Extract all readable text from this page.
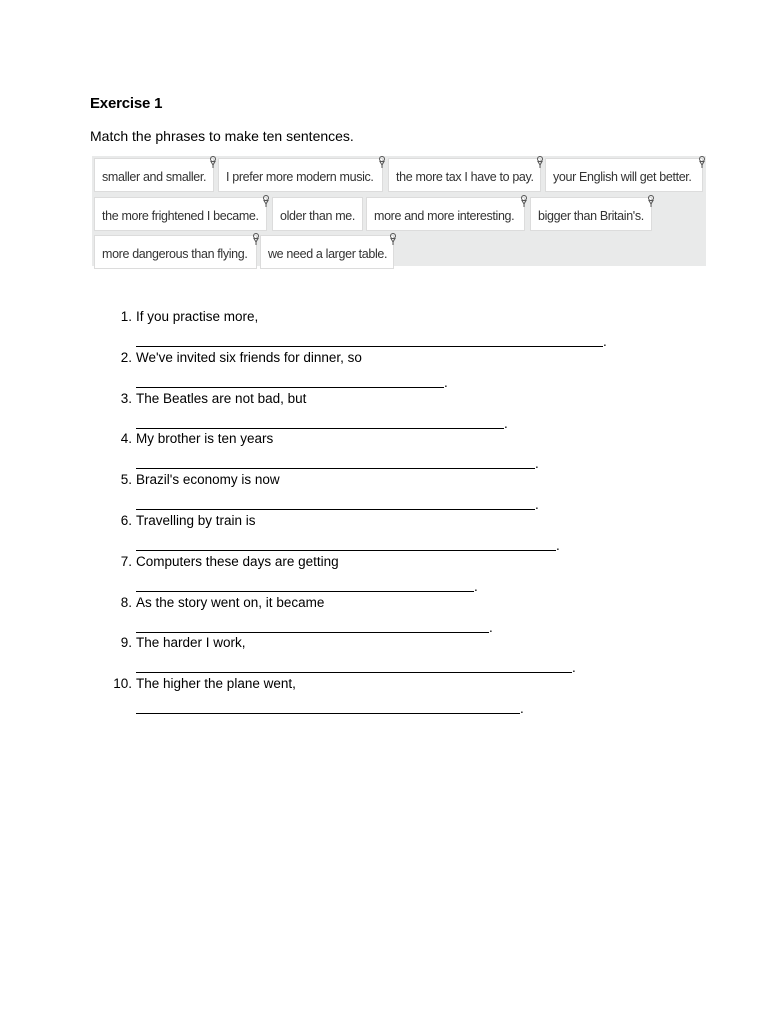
Exercise 1
Match the phrases to make ten sentences.
smaller and smaller.	I prefer more modern music.	the more tax I have to pay.	your English will get better.
the more frightened I became.	older than me.	more and more interesting.	bigger than Britain's.
more dangerous than flying.	we need a larger table.
1. If you practise more,
.
2. We've invited six friends for dinner, so
.
3. The Beatles are not bad, but
.
4. My brother is ten years
.
5. Brazil's economy is now
.
6. Travelling by train is
.
7. Computers these days are getting
.
8. As the story went on, it became
.
9. The harder I work,
.
10. The higher the plane went,
.
